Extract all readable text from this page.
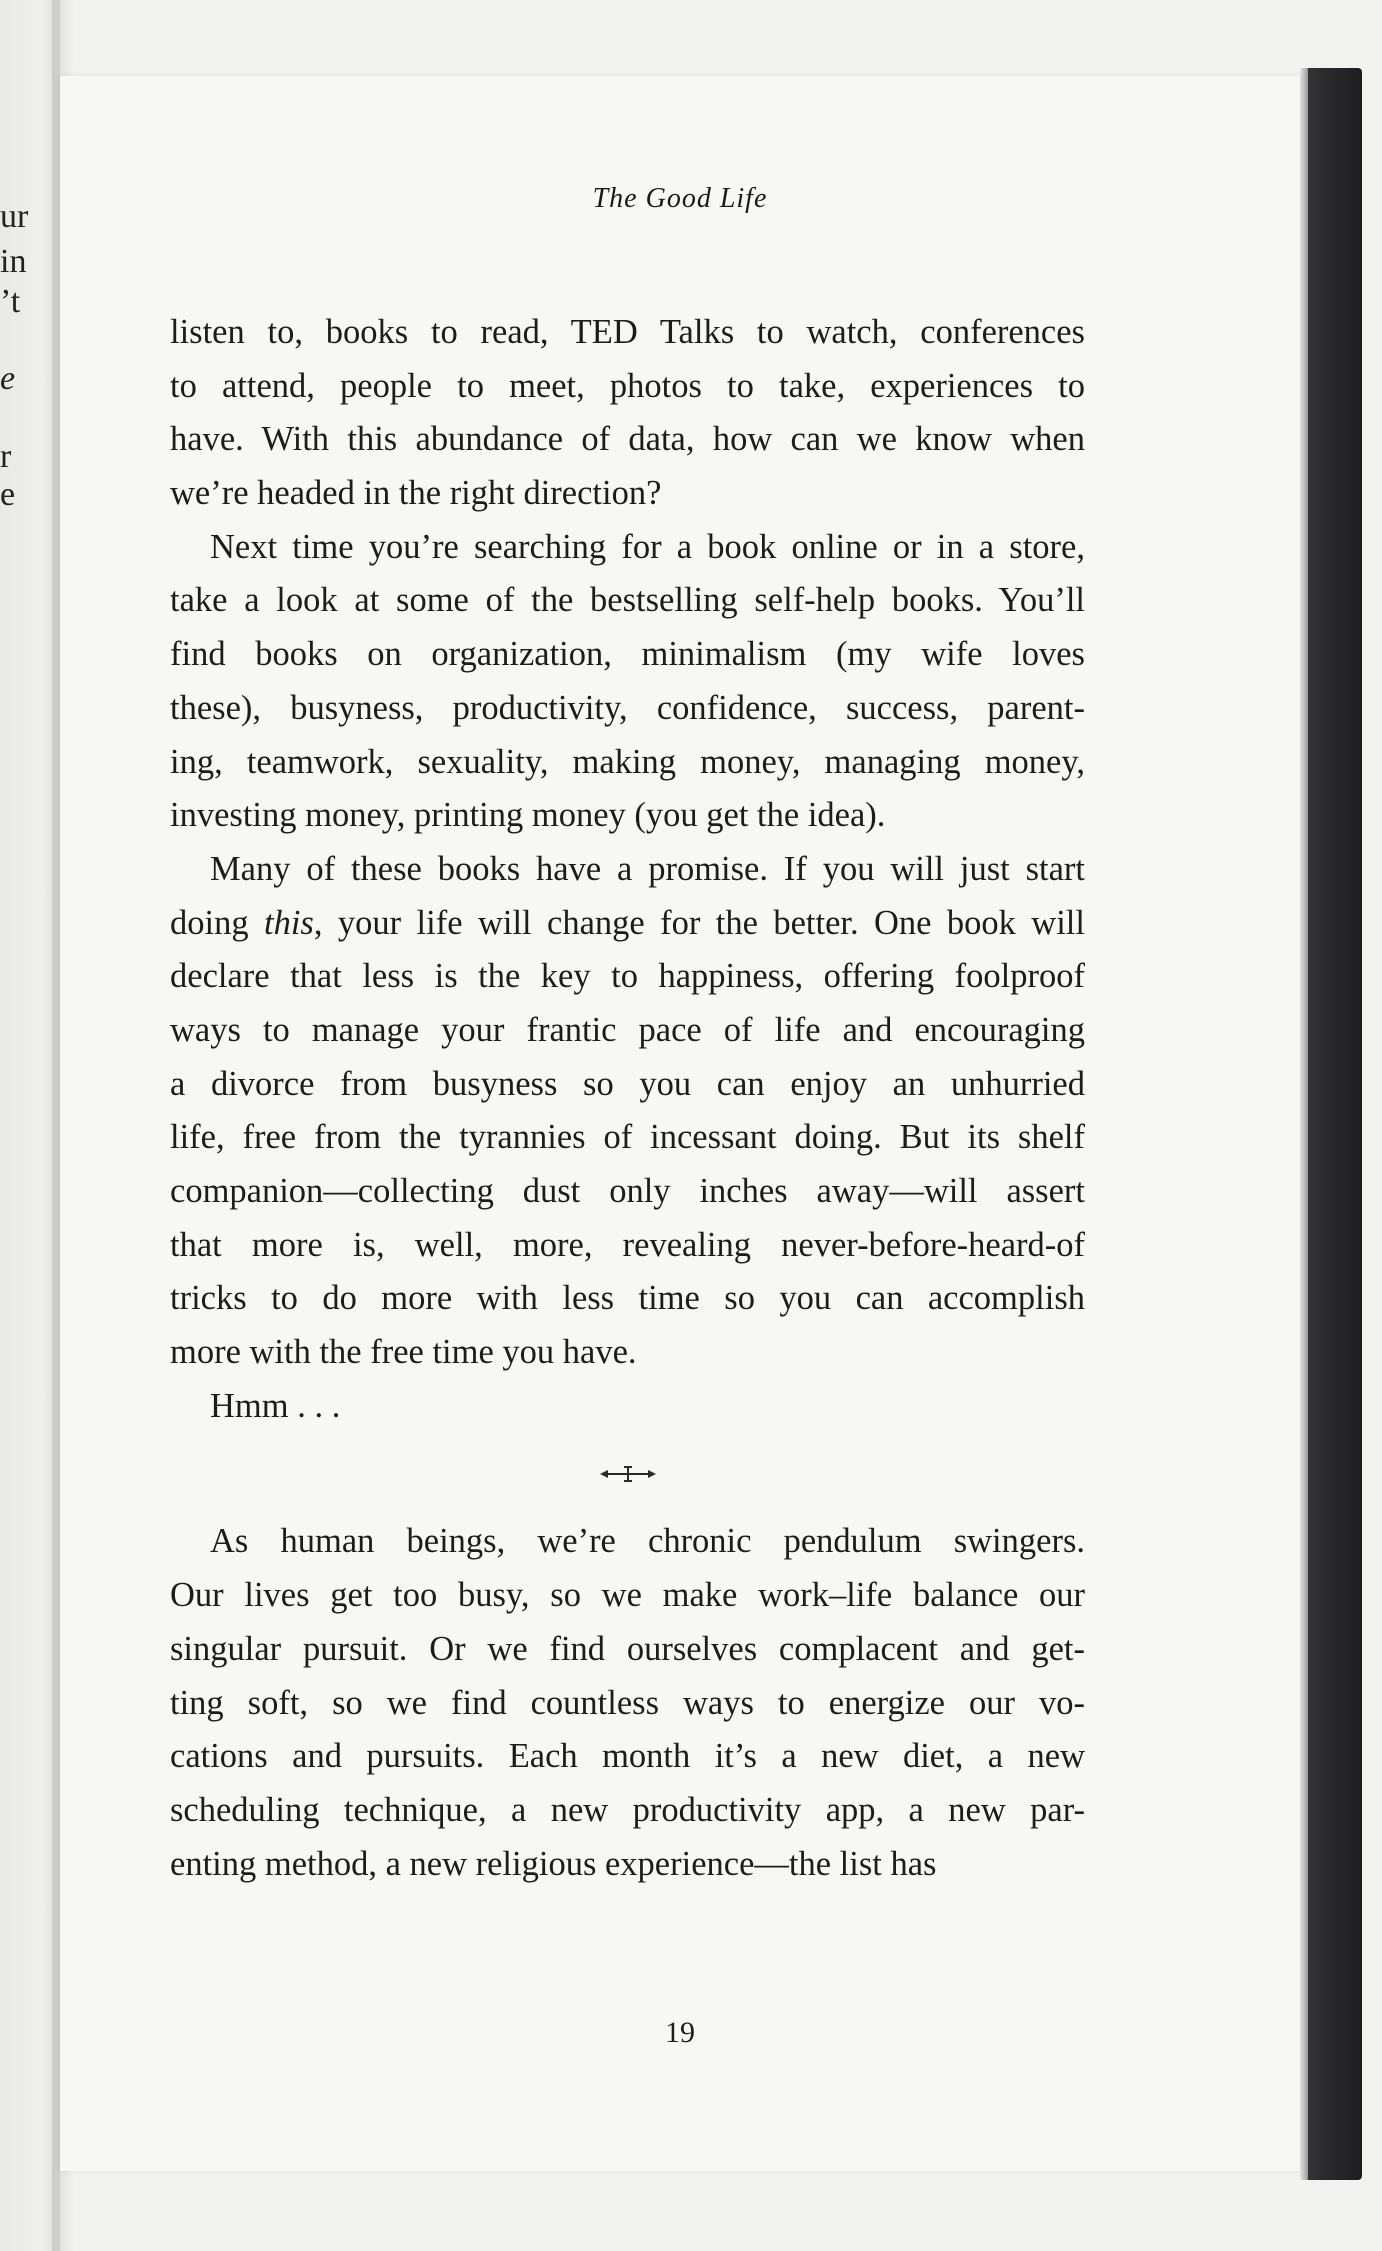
ur
in
’t
e
r
e
The Good Life
listen to, books to read, TED Talks to watch, conferences
to attend, people to meet, photos to take, experiences to
have. With this abundance of data, how can we know when
we’re headed in the right direction?
Next time you’re searching for a book online or in a store,
take a look at some of the bestselling self-help books. You’ll
find books on organization, minimalism (my wife loves
these), busyness, productivity, confidence, success, parent-
ing, teamwork, sexuality, making money, managing money,
investing money, printing money (you get the idea).
Many of these books have a promise. If you will just start
doing this, your life will change for the better. One book will
declare that less is the key to happiness, offering foolproof
ways to manage your frantic pace of life and encouraging
a divorce from busyness so you can enjoy an unhurried
life, free from the tyrannies of incessant doing. But its shelf
companion—collecting dust only inches away—will assert
that more is, well, more, revealing never-before-heard-of
tricks to do more with less time so you can accomplish
more with the free time you have.
Hmm . . .
As human beings, we’re chronic pendulum swingers.
Our lives get too busy, so we make work–life balance our
singular pursuit. Or we find ourselves complacent and get-
ting soft, so we find countless ways to energize our vo-
cations and pursuits. Each month it’s a new diet, a new
scheduling technique, a new productivity app, a new par-
enting method, a new religious experience—the list has
19
